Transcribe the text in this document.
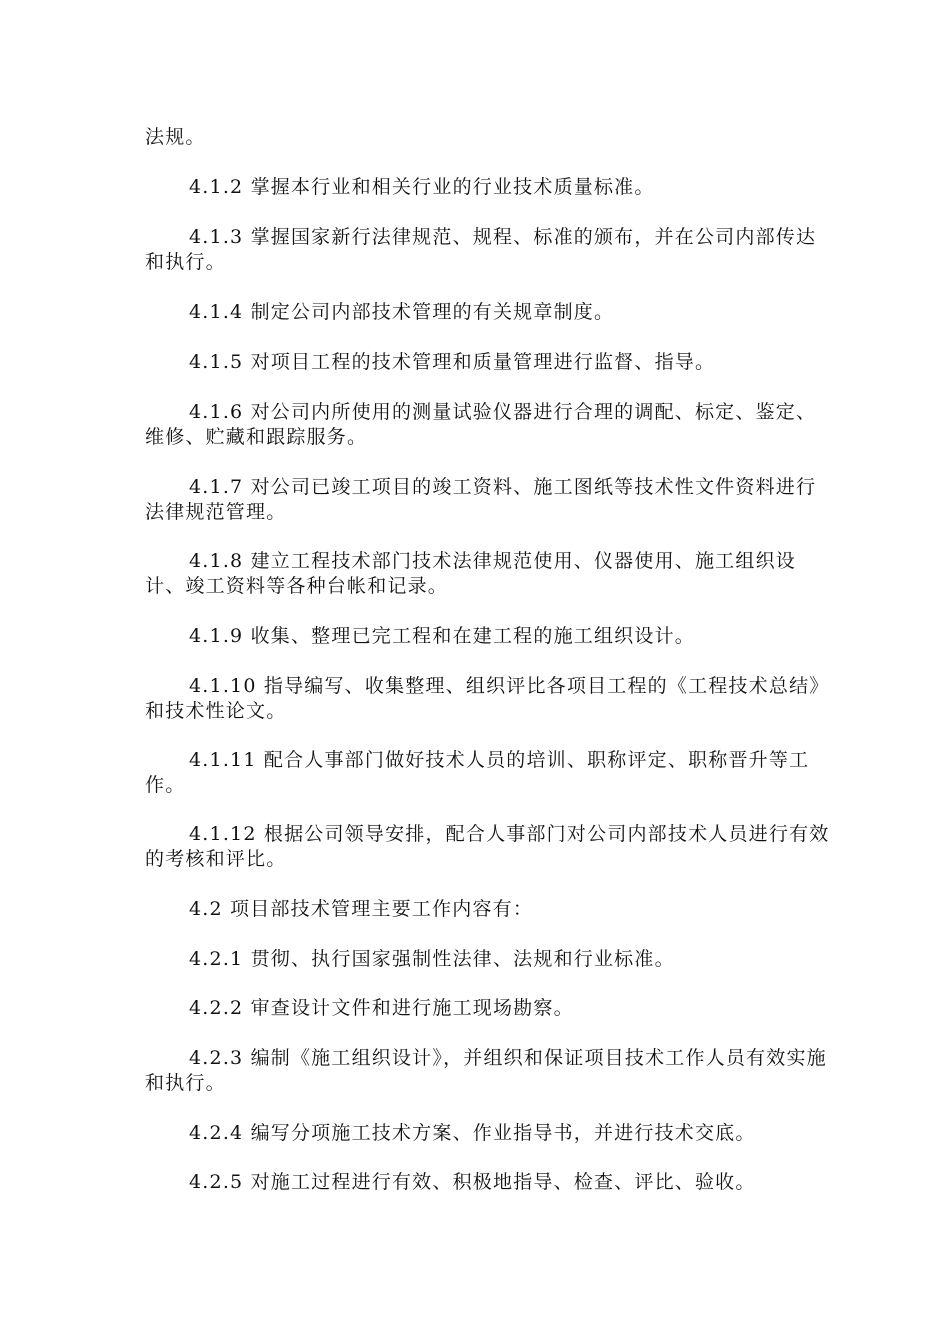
法规。

4.1.2 掌握本行业和相关行业的行业技术质量标准。

4.1.3 掌握国家新行法律规范、规程、标准的颁布，并在公司内部传达和执行。

4.1.4 制定公司内部技术管理的有关规章制度。

4.1.5 对项目工程的技术管理和质量管理进行监督、指导。

4.1.6 对公司内所使用的测量试验仪器进行合理的调配、标定、鉴定、维修、贮藏和跟踪服务。

4.1.7 对公司已竣工项目的竣工资料、施工图纸等技术性文件资料进行法律规范管理。

4.1.8 建立工程技术部门技术法律规范使用、仪器使用、施工组织设计、竣工资料等各种台帐和记录。

4.1.9 收集、整理已完工程和在建工程的施工组织设计。

4.1.10 指导编写、收集整理、组织评比各项目工程的《工程技术总结》和技术性论文。

4.1.11 配合人事部门做好技术人员的培训、职称评定、职称晋升等工作。

4.1.12 根据公司领导安排，配合人事部门对公司内部技术人员进行有效的考核和评比。

4.2 项目部技术管理主要工作内容有：

4.2.1 贯彻、执行国家强制性法律、法规和行业标准。

4.2.2 审查设计文件和进行施工现场勘察。

4.2.3 编制《施工组织设计》，并组织和保证项目技术工作人员有效实施和执行。

4.2.4 编写分项施工技术方案、作业指导书，并进行技术交底。

4.2.5 对施工过程进行有效、积极地指导、检查、评比、验收。
